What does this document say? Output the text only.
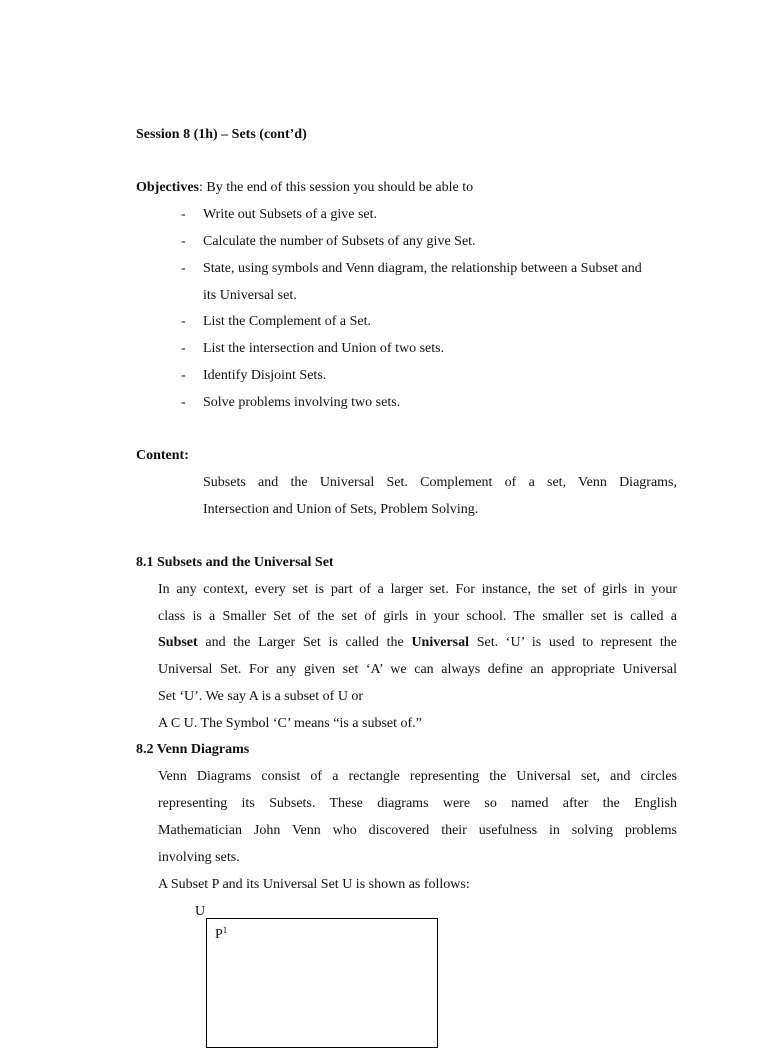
Session 8 (1h) – Sets (cont’d)
Objectives: By the end of this session you should be able to
- Write out Subsets of a give set.
- Calculate the number of Subsets of any give Set.
- State, using symbols and Venn diagram, the relationship between a Subset and
its Universal set.
- List the Complement of a Set.
- List the intersection and Union of two sets.
- Identify Disjoint Sets.
- Solve problems involving two sets.
Content:
Subsets and the Universal Set. Complement of a set, Venn Diagrams,
Intersection and Union of Sets, Problem Solving.
8.1 Subsets and the Universal Set
In any context, every set is part of a larger set. For instance, the set of girls in your
class is a Smaller Set of the set of girls in your school. The smaller set is called a
Subset and the Larger Set is called the Universal Set. ‘U’ is used to represent the
Universal Set. For any given set ‘A’ we can always define an appropriate Universal
Set ‘U’. We say A is a subset of U or
A C U. The Symbol ‘C’ means “is a subset of.”
8.2 Venn Diagrams
Venn Diagrams consist of a rectangle representing the Universal set, and circles
representing its Subsets. These diagrams were so named after the English
Mathematician John Venn who discovered their usefulness in solving problems
involving sets.
A Subset P and its Universal Set U is shown as follows:
U
$P^1$
